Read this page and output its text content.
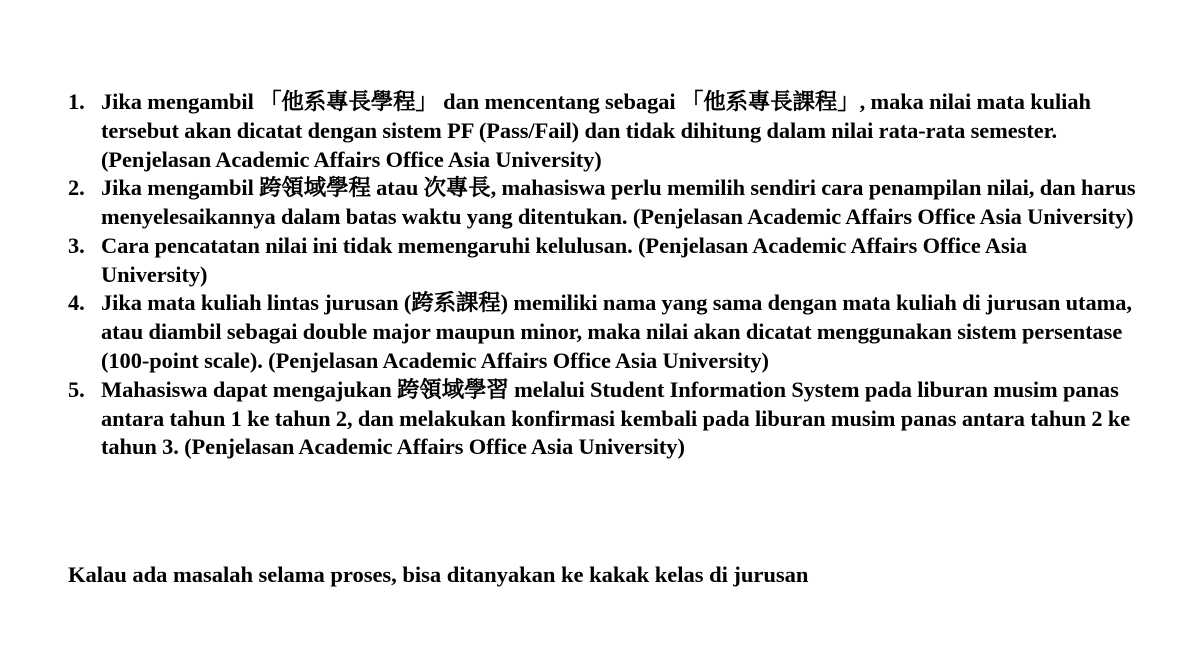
1. Jika mengambil 「他系專長學程」 dan mencentang sebagai 「他系專長課程」, maka nilai mata kuliah tersebut akan dicatat dengan sistem PF (Pass/Fail) dan tidak dihitung dalam nilai rata-rata semester. (Penjelasan Academic Affairs Office Asia University)
2. Jika mengambil 跨領域學程 atau 次專長, mahasiswa perlu memilih sendiri cara penampilan nilai, dan harus menyelesaikannya dalam batas waktu yang ditentukan. (Penjelasan Academic Affairs Office Asia University)
3. Cara pencatatan nilai ini tidak memengaruhi kelulusan. (Penjelasan Academic Affairs Office Asia University)
4. Jika mata kuliah lintas jurusan (跨系課程) memiliki nama yang sama dengan mata kuliah di jurusan utama, atau diambil sebagai double major maupun minor, maka nilai akan dicatat menggunakan sistem persentase (100-point scale). (Penjelasan Academic Affairs Office Asia University)
5. Mahasiswa dapat mengajukan 跨領域學習 melalui Student Information System pada liburan musim panas antara tahun 1 ke tahun 2, dan melakukan konfirmasi kembali pada liburan musim panas antara tahun 2 ke tahun 3. (Penjelasan Academic Affairs Office Asia University)
Kalau ada masalah selama proses, bisa ditanyakan ke kakak kelas di jurusan
